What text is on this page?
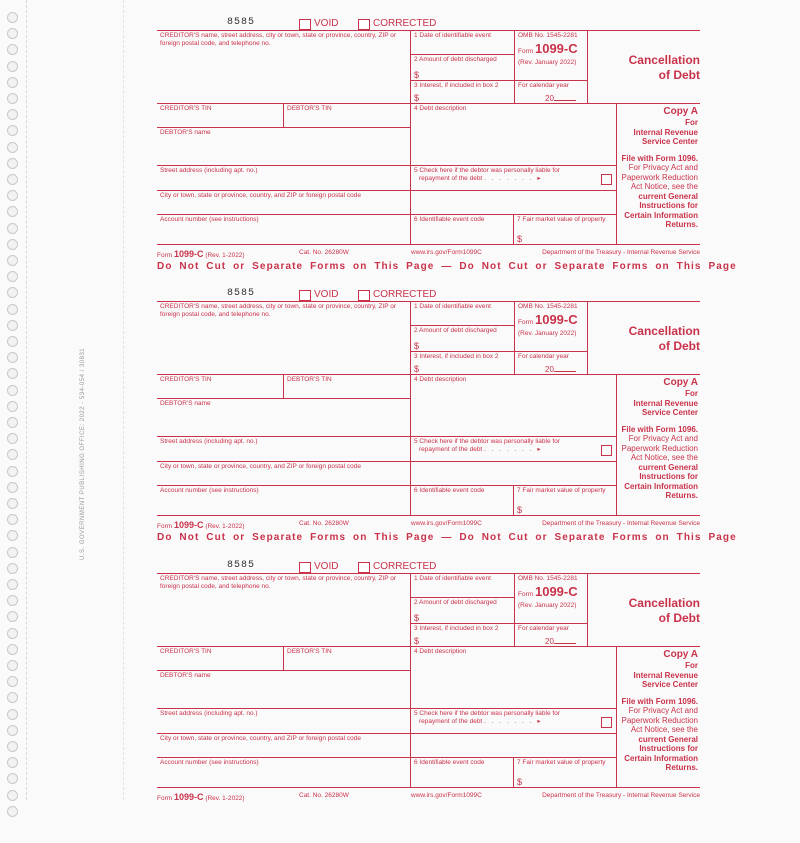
U.S. GOVERNMENT PUBLISHING OFFICE: 2022 - 534-054 / 30831
8585	VOID	CORRECTED
CREDITOR'S name, street address, city or town, state or province, country, ZIP or foreign postal code, and telephone no.
1 Date of identifiable event	OMB No. 1545-2281
Form 1099-C
(Rev. January 2022)
2 Amount of debt discharged
$
3 Interest, if included in box 2
$
For calendar year
20
Cancellation
of Debt
CREDITOR'S TIN	DEBTOR'S TIN	4 Debt description
DEBTOR'S name
Street address (including apt. no.)	5 Check here if the debtor was personally liable for
repayment of the debt . . . . . . . ▸
City or town, state or province, country, and ZIP or foreign postal code
Account number (see instructions)	6 Identifiable event code	7 Fair market value of property
$
Copy A
For
Internal Revenue
Service Center
File with Form 1096.
For Privacy Act and
Paperwork Reduction
Act Notice, see the
current General
Instructions for
Certain Information
Returns.
Form 1099-C (Rev. 1-2022)	Cat. No. 26280W	www.irs.gov/Form1099C	Department of the Treasury - Internal Revenue Service
Do Not Cut or Separate Forms on This Page — Do Not Cut or Separate Forms on This Page
8585	VOID	CORRECTED
CREDITOR'S name, street address, city or town, state or province, country, ZIP or foreign postal code, and telephone no.
1 Date of identifiable event	OMB No. 1545-2281
Form 1099-C
(Rev. January 2022)
2 Amount of debt discharged
$
3 Interest, if included in box 2
$
For calendar year
20
Cancellation
of Debt
CREDITOR'S TIN	DEBTOR'S TIN	4 Debt description
DEBTOR'S name
Street address (including apt. no.)	5 Check here if the debtor was personally liable for
repayment of the debt . . . . . . . ▸
City or town, state or province, country, and ZIP or foreign postal code
Account number (see instructions)	6 Identifiable event code	7 Fair market value of property
$
Copy A
For
Internal Revenue
Service Center
File with Form 1096.
For Privacy Act and
Paperwork Reduction
Act Notice, see the
current General
Instructions for
Certain Information
Returns.
Form 1099-C (Rev. 1-2022)	Cat. No. 26280W	www.irs.gov/Form1099C	Department of the Treasury - Internal Revenue Service
Do Not Cut or Separate Forms on This Page — Do Not Cut or Separate Forms on This Page
8585	VOID	CORRECTED
CREDITOR'S name, street address, city or town, state or province, country, ZIP or foreign postal code, and telephone no.
1 Date of identifiable event	OMB No. 1545-2281
Form 1099-C
(Rev. January 2022)
2 Amount of debt discharged
$
3 Interest, if included in box 2
$
For calendar year
20
Cancellation
of Debt
CREDITOR'S TIN	DEBTOR'S TIN	4 Debt description
DEBTOR'S name
Street address (including apt. no.)	5 Check here if the debtor was personally liable for
repayment of the debt . . . . . . . ▸
City or town, state or province, country, and ZIP or foreign postal code
Account number (see instructions)	6 Identifiable event code	7 Fair market value of property
$
Copy A
For
Internal Revenue
Service Center
File with Form 1096.
For Privacy Act and
Paperwork Reduction
Act Notice, see the
current General
Instructions for
Certain Information
Returns.
Form 1099-C (Rev. 1-2022)	Cat. No. 26280W	www.irs.gov/Form1099C	Department of the Treasury - Internal Revenue Service
